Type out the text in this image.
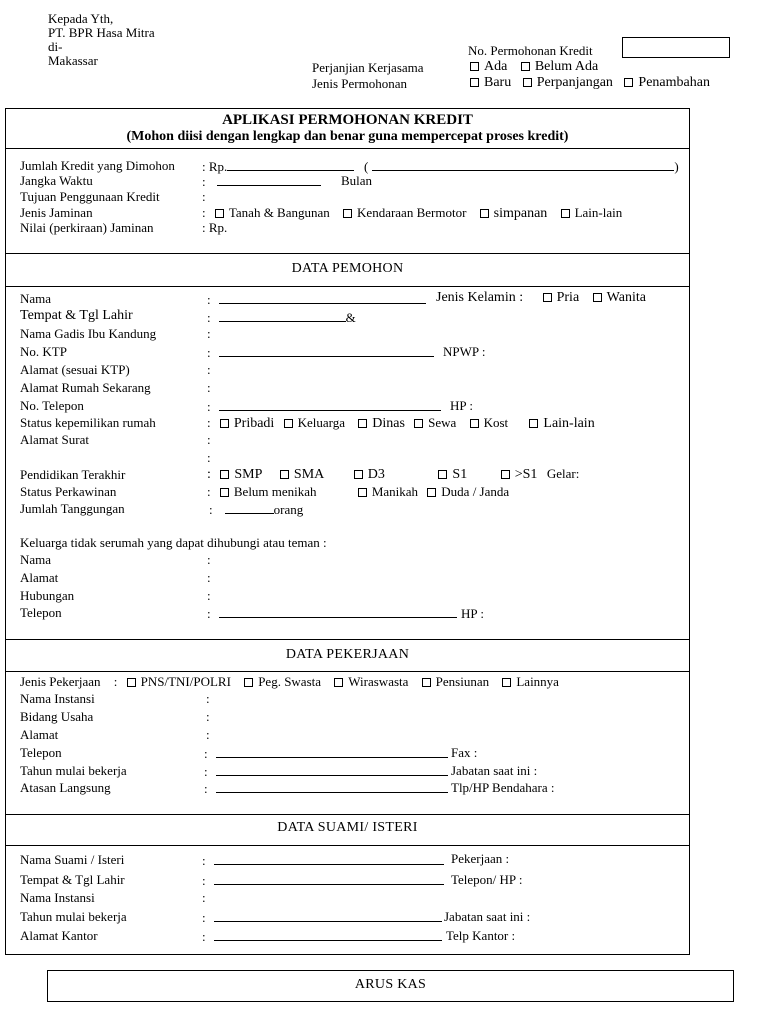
Kepada Yth,
PT. BPR Hasa Mitra
di-
Makassar
No. Permohonan Kredit
Perjanjian Kerjasama	Ada Belum Ada
Jenis Permohonan	Baru Perpanjangan Penambahan
APLIKASI PERMOHONAN KREDIT
(Mohon diisi dengan lengkap dan benar guna mempercepat proses kredit)
Jumlah Kredit yang Dimohon : Rp.	(	)
Jangka Waktu	:	Bulan
Tujuan Penggunaan Kredit	:
Jenis Jaminan	: Tanah & Bangunan Kendaraan Bermotor simpanan Lain-lain
Nilai (perkiraan) Jaminan	: Rp.
DATA PEMOHON
Nama	:	Jenis Kelamin : Pria Wanita
Tempat & Tgl Lahir	:	&
Nama Gadis Ibu Kandung	:
No. KTP	:	NPWP :
Alamat (sesuai KTP)	:
Alamat Rumah Sekarang	:
No. Telepon	:	HP :
Status kepemilikan rumah	: Pribadi Keluarga Dinas Sewa Kost	Lain-lain
Alamat Surat	:
:
Pendidikan Terakhir	: SMP SMA	D3	S1	>S1 Gelar:
Status Perkawinan	: Belum menikah	Manikah Duda / Janda
Jumlah Tanggungan	:	orang
Keluarga tidak serumah yang dapat dihubungi atau teman :
Nama	:
Alamat	:
Hubungan	:
Telepon	:	HP :
DATA PEKERJAAN
Jenis Pekerjaan : PNS/TNI/POLRI Peg. Swasta Wiraswasta Pensiunan Lainnya
Nama Instansi	:
Bidang Usaha	:
Alamat	:
Telepon	:	Fax :
Tahun mulai bekerja	:	Jabatan saat ini :
Atasan Langsung	:	Tlp/HP Bendahara :
DATA SUAMI/ ISTERI
Nama Suami / Isteri	:	Pekerjaan :
Tempat & Tgl Lahir	:	Telepon/ HP :
Nama Instansi	:
Tahun mulai bekerja	:	Jabatan saat ini :
Alamat Kantor	:	Telp Kantor :
ARUS KAS
